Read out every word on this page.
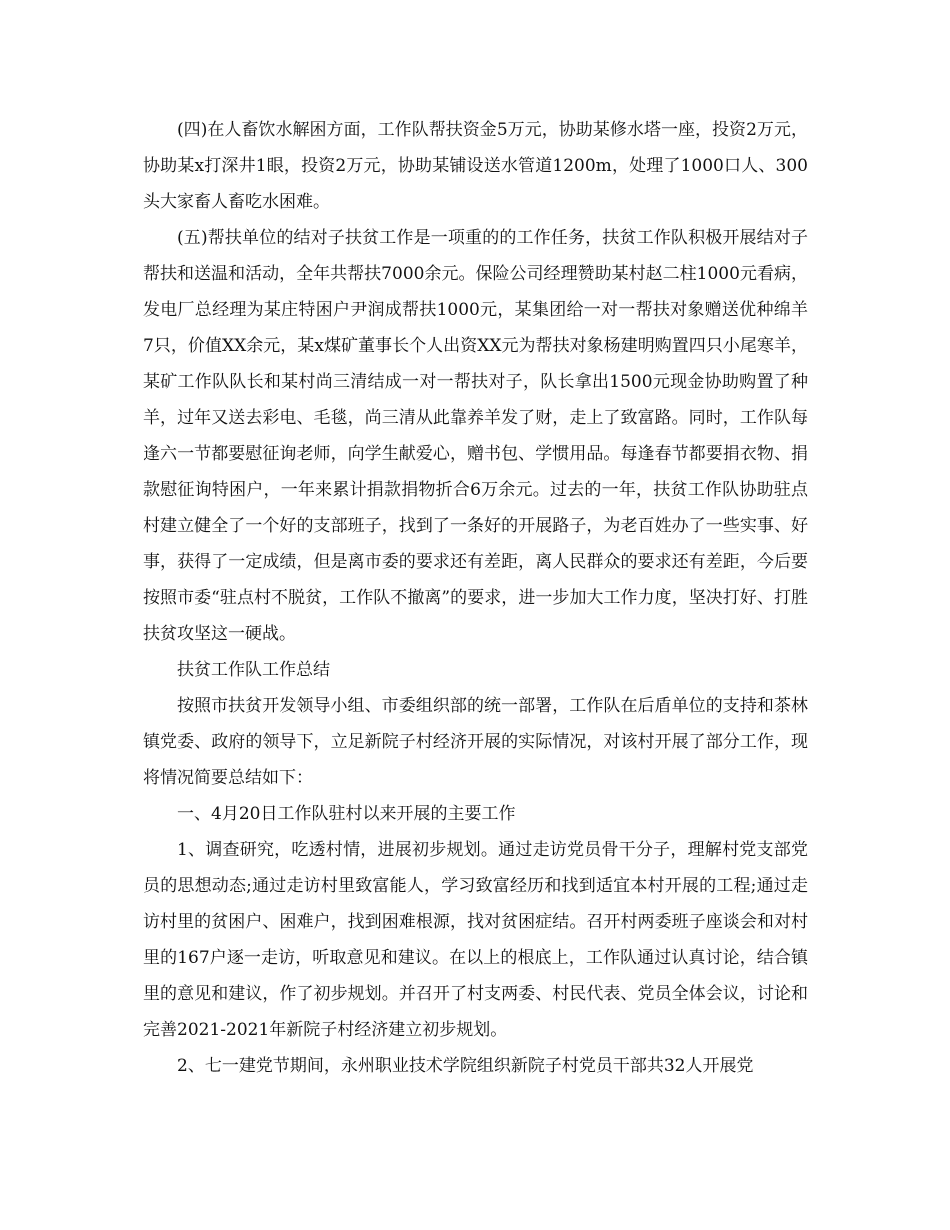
(四)在人畜饮水解困方面，工作队帮扶资金5万元，协助某修水塔一座，投资2万元，协助某x打深井1眼，投资2万元，协助某铺设送水管道1200m，处理了1000口人、300头大家畜人畜吃水困难。

(五)帮扶单位的结对子扶贫工作是一项重的的工作任务，扶贫工作队积极开展结对子帮扶和送温和活动，全年共帮扶7000余元。保险公司经理赞助某村赵二柱1000元看病，发电厂总经理为某庄特困户尹润成帮扶1000元，某集团给一对一帮扶对象赠送优种绵羊7只，价值XX余元，某x煤矿董事长个人出资XX元为帮扶对象杨建明购置四只小尾寒羊，某矿工作队队长和某村尚三清结成一对一帮扶对子，队长拿出1500元现金协助购置了种羊，过年又送去彩电、毛毯，尚三清从此靠养羊发了财，走上了致富路。同时，工作队每逢六一节都要慰征询老师，向学生献爱心，赠书包、学惯用品。每逢春节都要捐衣物、捐款慰征询特困户，一年来累计捐款捐物折合6万余元。过去的一年，扶贫工作队协助驻点村建立健全了一个好的支部班子，找到了一条好的开展路子，为老百姓办了一些实事、好事，获得了一定成绩，但是离市委的要求还有差距，离人民群众的要求还有差距，今后要按照市委“驻点村不脱贫，工作队不撤离”的要求，进一步加大工作力度，坚决打好、打胜扶贫攻坚这一硬战。

扶贫工作队工作总结

按照市扶贫开发领导小组、市委组织部的统一部署，工作队在后盾单位的支持和茶林镇党委、政府的领导下，立足新院子村经济开展的实际情况，对该村开展了部分工作，现将情况简要总结如下：

一、4月20日工作队驻村以来开展的主要工作

1、调查研究，吃透村情，进展初步规划。通过走访党员骨干分子，理解村党支部党员的思想动态;通过走访村里致富能人，学习致富经历和找到适宜本村开展的工程;通过走访村里的贫困户、困难户，找到困难根源，找对贫困症结。召开村两委班子座谈会和对村里的167户逐一走访，听取意见和建议。在以上的根底上，工作队通过认真讨论，结合镇里的意见和建议，作了初步规划。并召开了村支两委、村民代表、党员全体会议，讨论和完善2021-2021年新院子村经济建立初步规划。

2、七一建党节期间，永州职业技术学院组织新院子村党员干部共32人开展党
